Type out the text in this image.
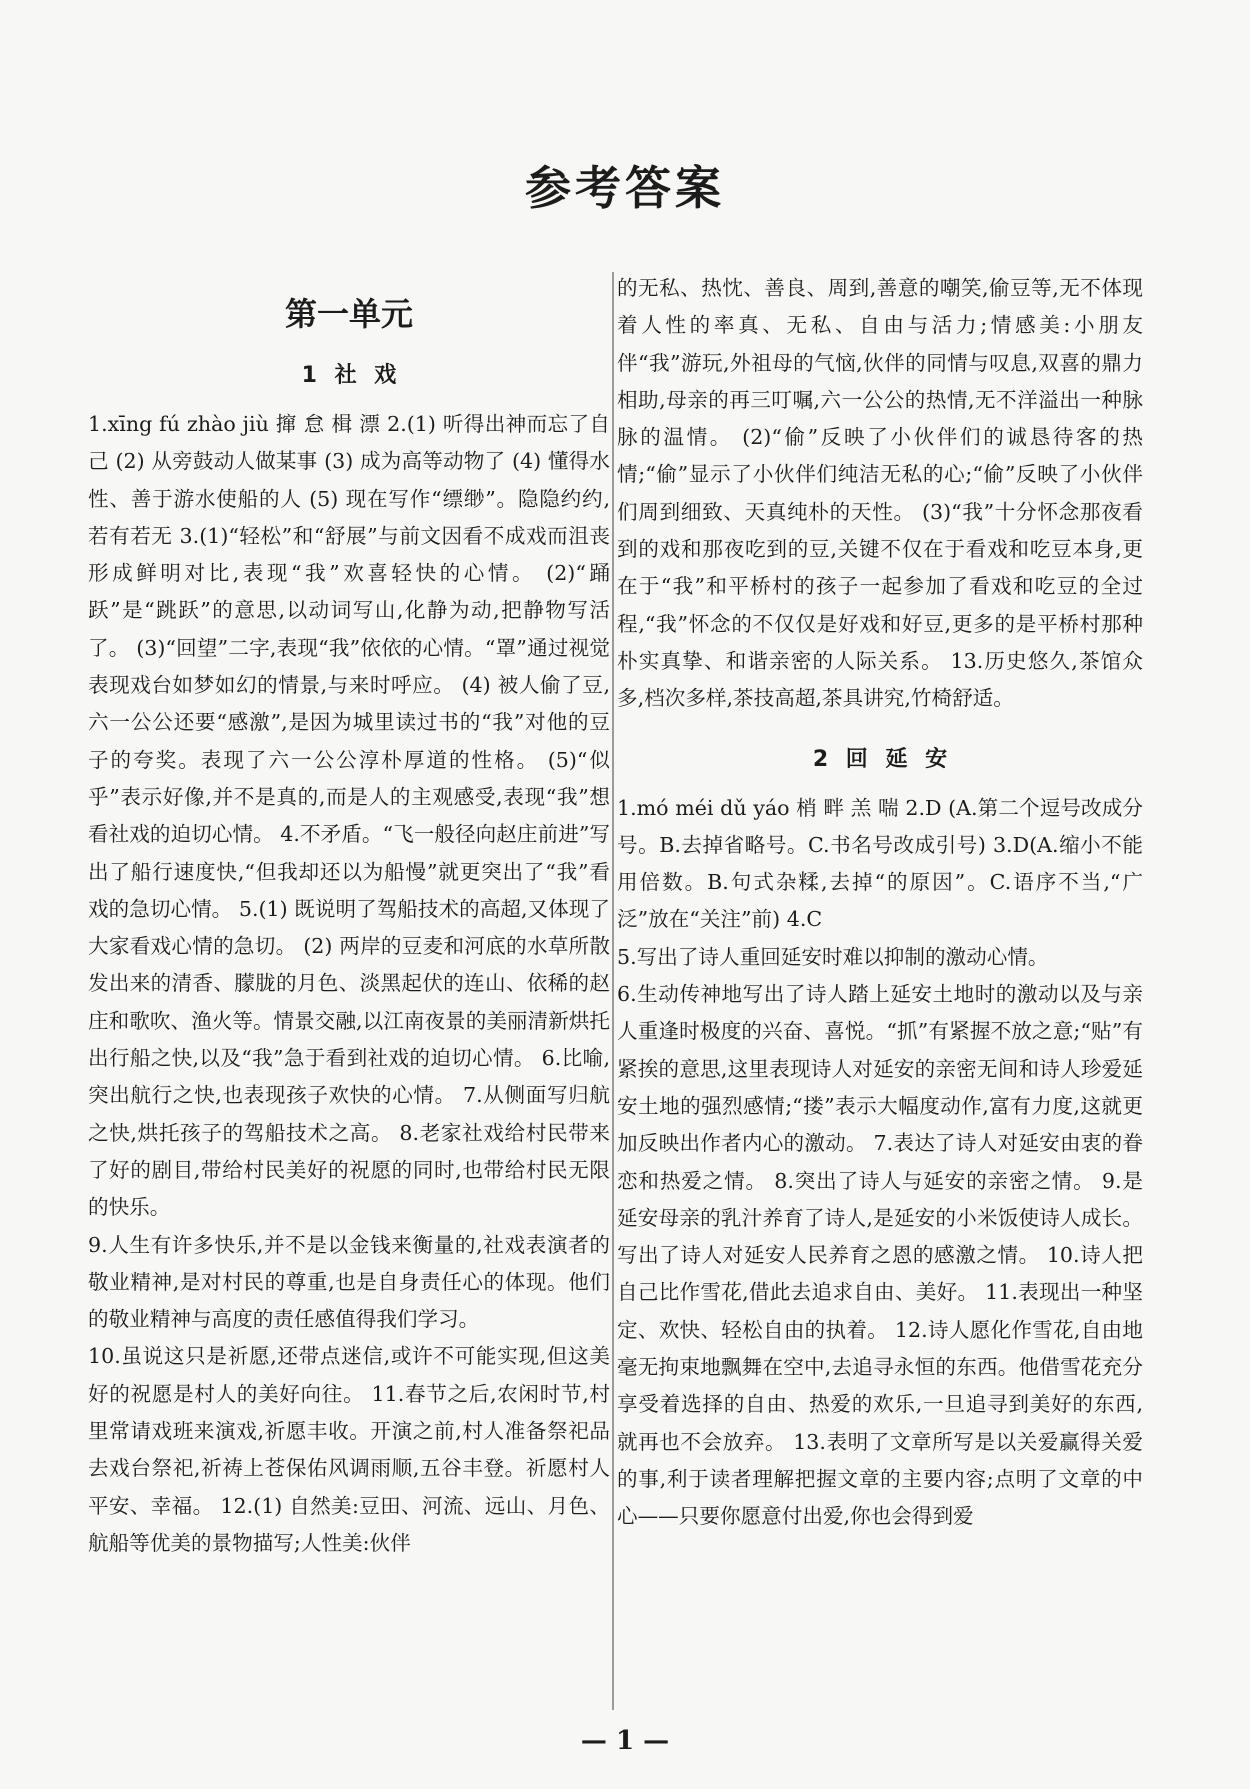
参考答案
第一单元
1 社 戏

1.xīng fú zhào jiù 撺 怠 楫 漂 2.(1) 听得出神而忘了自己 (2) 从旁鼓动人做某事 (3) 成为高等动物了 (4) 懂得水性、善于游水使船的人 (5) 现在写作“缥缈”。隐隐约约,若有若无 3.(1)“轻松”和“舒展”与前文因看不成戏而沮丧形成鲜明对比,表现“我”欢喜轻快的心情。 (2)“踊跃”是“跳跃”的意思,以动词写山,化静为动,把静物写活了。 (3)“回望”二字,表现“我”依依的心情。“罩”通过视觉表现戏台如梦如幻的情景,与来时呼应。 (4) 被人偷了豆,六一公公还要“感激”,是因为城里读过书的“我”对他的豆子的夸奖。表现了六一公公淳朴厚道的性格。 (5)“似乎”表示好像,并不是真的,而是人的主观感受,表现“我”想看社戏的迫切心情。 4.不矛盾。“飞一般径向赵庄前进”写出了船行速度快,“但我却还以为船慢”就更突出了“我”看戏的急切心情。 5.(1) 既说明了驾船技术的高超,又体现了大家看戏心情的急切。 (2) 两岸的豆麦和河底的水草所散发出来的清香、朦胧的月色、淡黑起伏的连山、依稀的赵庄和歌吹、渔火等。情景交融,以江南夜景的美丽清新烘托出行船之快,以及“我”急于看到社戏的迫切心情。 6.比喻,突出航行之快,也表现孩子欢快的心情。 7.从侧面写归航之快,烘托孩子的驾船技术之高。 8.老家社戏给村民带来了好的剧目,带给村民美好的祝愿的同时,也带给村民无限的快乐。

9.人生有许多快乐,并不是以金钱来衡量的,社戏表演者的敬业精神,是对村民的尊重,也是自身责任心的体现。他们的敬业精神与高度的责任感值得我们学习。

10.虽说这只是祈愿,还带点迷信,或许不可能实现,但这美好的祝愿是村人的美好向往。 11.春节之后,农闲时节,村里常请戏班来演戏,祈愿丰收。开演之前,村人准备祭祀品去戏台祭祀,祈祷上苍保佑风调雨顺,五谷丰登。祈愿村人平安、幸福。 12.(1) 自然美:豆田、河流、远山、月色、航船等优美的景物描写;人性美:伙伴

的无私、热忱、善良、周到,善意的嘲笑,偷豆等,无不体现着人性的率真、无私、自由与活力;情感美:小朋友伴“我”游玩,外祖母的气恼,伙伴的同情与叹息,双喜的鼎力相助,母亲的再三叮嘱,六一公公的热情,无不洋溢出一种脉脉的温情。 (2)“偷”反映了小伙伴们的诚恳待客的热情;“偷”显示了小伙伴们纯洁无私的心;“偷”反映了小伙伴们周到细致、天真纯朴的天性。 (3)“我”十分怀念那夜看到的戏和那夜吃到的豆,关键不仅在于看戏和吃豆本身,更在于“我”和平桥村的孩子一起参加了看戏和吃豆的全过程,“我”怀念的不仅仅是好戏和好豆,更多的是平桥村那种朴实真挚、和谐亲密的人际关系。 13.历史悠久,茶馆众多,档次多样,茶技高超,茶具讲究,竹椅舒适。

2 回 延 安

1.mó méi dǔ yáo 梢 畔 羔 喘 2.D (A.第二个逗号改成分号。B.去掉省略号。C.书名号改成引号) 3.D(A.缩小不能用倍数。B.句式杂糅,去掉“的原因”。C.语序不当,“广泛”放在“关注”前) 4.C

5.写出了诗人重回延安时难以抑制的激动心情。

6.生动传神地写出了诗人踏上延安土地时的激动以及与亲人重逢时极度的兴奋、喜悦。“抓”有紧握不放之意;“贴”有紧挨的意思,这里表现诗人对延安的亲密无间和诗人珍爱延安土地的强烈感情;“搂”表示大幅度动作,富有力度,这就更加反映出作者内心的激动。 7.表达了诗人对延安由衷的眷恋和热爱之情。 8.突出了诗人与延安的亲密之情。 9.是延安母亲的乳汁养育了诗人,是延安的小米饭使诗人成长。写出了诗人对延安人民养育之恩的感激之情。 10.诗人把自己比作雪花,借此去追求自由、美好。 11.表现出一种坚定、欢快、轻松自由的执着。 12.诗人愿化作雪花,自由地毫无拘束地飘舞在空中,去追寻永恒的东西。他借雪花充分享受着选择的自由、热爱的欢乐,一旦追寻到美好的东西,就再也不会放弃。 13.表明了文章所写是以关爱赢得关爱的事,利于读者理解把握文章的主要内容;点明了文章的中心——只要你愿意付出爱,你也会得到爱

— 1 —
